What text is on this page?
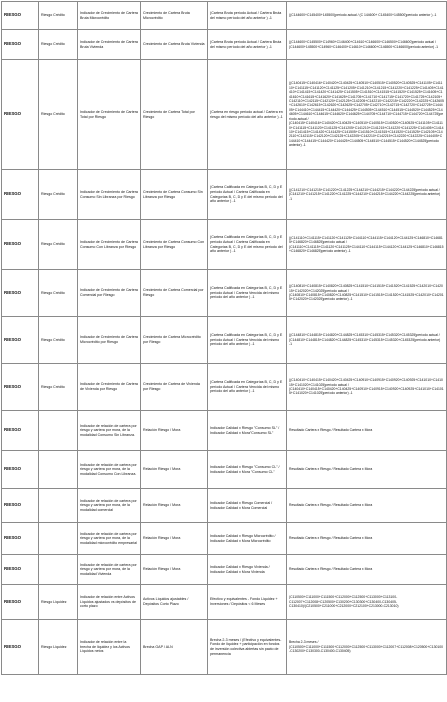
RIESGO	Riesgo Crédito	Indicador de Crecimiento de Cartera Bruta Microcrédito	Crecimiento de Cartera Bruta Microcrédito	(Cartera Bruta período Actual / Cartera Bruta del mismo período del año anterior ) -1	((C144600+C145400+145500)período actual / (C 144600+ C145400+145500)período anterior ) -1
RIESGO	Riesgo Crédito	Indicador de Crecimiento de Cartera Bruta Vivienda	Crecimiento de Cartera Bruta Vivienda	(Cartera Bruta período Actual / Cartera Bruta del mismo período del año anterior ) -1	((C144600+C145500+C14960+C146400+C14610+C146600+C146500+C146600)período actual / (C144600+145500+C14960+C146400+C14610+C146600+C146500+C146600)período anterior) -1
RIESGO	Riesgo Crédito	Indicador de Crecimiento de Cartera Total por Riesgo	Crecimiento de Cartera Total por Riesgo	(Cartera en riesgo período actual / Cartera en riesgo del mismo período del año anterior ) -1	((C140415+C140416+C140420+C140425+C140510+C140515+C140520+C140525+C141105+C141110+C141115+C141120+C141125+C141205+C141210+C141215+C141220+C141225+C141405+C141410+C141415+C141420+C141425+C141505+C141510+C141515+C141520+C141525+C141605+C141610+C141615+C141620+C141625+C141705+C141710+C141715+C141720+C141725+C142105+C142110+C142115+C142120+C142125+C142205+C142210+C142215+C142220+C142225+C142605+C142610+C142615+C142620+C142625+C142705+C142710+C142715+C142720+C142725+C144405+C144410+C144415+C144420+C144425+C144505+C144510+C144515+C144520+C144525+C144605+C144610+C144615+C144620+C144625+C144705+C144710+C144715+C144720+C144725)período actual / (C140415+C140416+C140420+C140425+C140510+C140515+C140520+C140525+C141105+C141110+C141115+C141120+C141125+C141205+C141210+C141215+C141220+C141225+C141405+C141410+C141415+C141420+C141425+C141505+C141510+C141515+C141520+C141525+C142105+C142110+C142115+C142120+C142125+C142205+C142210+C142215+C142220+C142225+C144405+C144410+C144415+C144420+C144425+C144505+C144510+C144515+C144520+C144525)período anterior) -1
RIESGO	Riesgo Crédito	Indicador de Crecimiento de Cartera Consumo Sin Libranza por Riesgo	Crecimiento de Cartera Consumo Sin Libranza por Riesgo	(Cartera Calificada en Categorías B, C, D y E período Actual / Cartera Calificada en Categorías B, C, D y E del mismo período del año anterior ) -1	((C141210+C141215+C141220+C141225+C144210+C144215+C144220+C144225)período actual / (C141210+C141215+C141220+C141225+C144210+C144215+C144220+C144225)período anterior) -1
RIESGO	Riesgo Crédito	Indicador de Crecimiento de Cartera Consumo Con Libranza por Riesgo	Crecimiento de Cartera Consumo Con Libranza por Riesgo	(Cartera Calificada en Categorías B, C, D y E período Actual / Cartera Calificada en Categorías B, C, D y E del mismo período del año anterior ) -1	((C141110+C141115+C141120+C141125+C144110+C144115+C144120+C144125+C146810+C146815+C146820+C146825)período actual / (C141110+C141115+C141120+C141125+C144110+C144115+C144120+C144125+C146810+C146815+C146820+C146825)período anterior) -1
RIESGO	Riesgo Crédito	Indicador de Crecimiento de Cartera Comercial por Riesgo	Crecimiento de Cartera Comercial por Riesgo	(Cartera Calificada en Categorías B, C, D y E período Actual / Cartera Vencida del mismo período del año anterior ) -1	((C140810+C140815+C140820+C140825+C141510+C141515+C141520+C141525+C142010+C142015+C142020+C142025)período actual / (C140810+C140815+C140820+C140825+C141510+C141515+C141520+C141525+C142010+C142015+C142020+C142025)período anterior) -1
RIESGO	Riesgo Crédito	Indicador de Crecimiento de Cartera Microcrédito por Riesgo	Crecimiento de Cartera Microcrédito por Riesgo	(Cartera Calificada en Categorías B, C, D y E período Actual / Cartera Vencida del mismo período del año anterior ) -1	((C144810+C144815+C144820+C144825+C145310+C145315+C145320+C145325)período actual / (C144810+C144815+C144820+C144825+C145310+C145315+C145320+C145325)período anterior) -1
RIESGO	Riesgo Crédito	Indicador de Crecimiento de Cartera de Vivienda por Riesgo	Crecimiento de Cartera de Vivienda por Riesgo	(Cartera Calificada en Categorías B, C, D y E período Actual / Cartera Vencida del mismo período del año anterior ) -1	((C140410+C140415+C140420+C140425+C140910+C140915+C140920+C140925+C141010+C141015+C141020+C141025)período actual / (C140410+C140415+C140420+C140425+C140910+C140915+C140920+C140925+C141010+C141015+C141020+C141025)período anterior) -1
RIESGO		Indicador de relación de cartera por riesgo y cartera por mora, de la modalidad Consumo Sin Libranza.	Relación Riesgo / Mora	Indicador Calidad x Riesgo "Consumo SL" / Indicador Calidad x Mora"Consumo SL"	Resultado Cartera x Riesgo / Resultado Cartera x Mora
RIESGO		Indicador de relación de cartera por riesgo y cartera por mora, de la modalidad Consumo Con Libranza.	Relación Riesgo / Mora	Indicador Calidad x Riesgo "Consumo CL" / Indicador Calidad x Mora "Consumo CL"	Resultado Cartera x Riesgo / Resultado Cartera x Mora
RIESGO		Indicador de relación de cartera por riesgo y cartera por mora, de la modalidad comercial	Relación Riesgo / Mora	Indicador Calidad x Riesgo Comercial / Indicador Calidad x Mora Comercial	Resultado Cartera x Riesgo / Resultado Cartera x Mora
RIESGO		Indicador de relación de cartera por riesgo y cartera por mora, de la modalidad microcrédito empresarial	Relación Riesgo / Mora	Indicador Calidad x Riesgo Microcrédito / Indicador Calidad x Mora Microcrédito	Resultado Cartera x Riesgo / Resultado Cartera x Mora
RIESGO		Indicador de relación de cartera por riesgo y cartera por mora, de la modalidad Vivienda	Relación Riesgo / Mora	Indicador Calidad x Riesgo Vivienda / Indicador Calidad x Mora Vivienda	Resultado Cartera x Riesgo / Resultado Cartera x Mora
RIESGO	Riesgo Liquidez	Indicador de relación entre Activos Líquidos ajustados vs depósitos de corto plazo	Activos Líquidos ajustables / Depósitos Corto Plazo	Efectivo y equivalentes - Fondo Liquidez + Inversiones / Depósitos < 6 Meses	(C110500+C111000+C111500+C112000+C112500+C113000+C113100-C112007+C112008+C120500+C130200+C130300+C130400-C130405-C130410)/(C210500+C211000+C212000+C212100+C213000-C213010)
RIESGO	Riesgo Liquidez	Indicador de relación entre la brecha de liquidez y los Activos Líquidos netos	Brecha GAP / ALN	Brecha 2-3 meses / (Efectivo y equivalentes-Fondo de liquidez + participación en fondos de inversión colectiva abiertas sin pacto de permanencia	Brecha 2-3 meses / (C110500+C111000+C111500+C112000+C112500+C113000+C112007+C112008+C120500+C130100-C130200+C130300-C130400-C130405)
